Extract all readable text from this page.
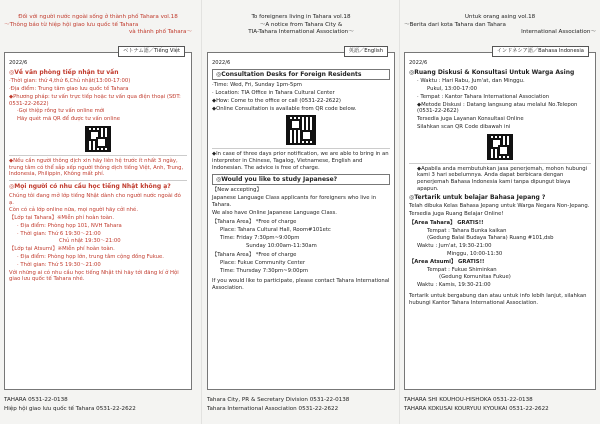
Đối với người nước ngoài sống ở thành phố Tahara vol.18
～Thông báo từ hiệp hội giao lưu quốc tế Tahara
và thành phố Tahara～
ベトナム語／Tiếng Việt
2022/6
◎Về văn phòng tiếp nhận tư vấn

·Thời gian: thứ 4,thứ 6,Chủ nhật(13:00-17:00)

·Địa điểm: Trung tâm giao lưu quốc tế Tahara

◆Phương pháp: tư vấn trực tiếp hoặc tư vấn qua điện thoại (SĐT: 0531-22-2622)

·Gọi thiệp rồng tư vấn online mới

Hãy quét mã QR để được tư vấn online

◆Nếu cần người thông dịch xin hãy liên hệ trước ít nhất 3 ngày, trung tâm có thể sắp xếp người thông dịch tiếng Việt, Anh, Trung, Indonesia, Philippin, Không mất phí.

◎Mọi người có nhu cầu học tiếng Nhật không ạ?

Chúng tôi đang mở lớp tiếng Nhật dành cho người nước ngoài đó ạ.

Còn có cả lớp online nữa, mọi người hãy cởi nhé.

【Lớp tại Tahara】※Miễn phí hoàn toàn.

· Địa điểm: Phòng họp 101, NVH Tahara

· Thời gian: Thứ 6 19:30～21:00

Chủ nhật 19:30～21:00

【Lớp tại Atsumi】※Miễn phí hoàn toàn.

· Địa điểm: Phòng họp lớn, trung tâm cộng đồng Fukue.

· Thời gian: Thứ 5 19:30～21:00

Với những ai có nhu cầu học tiếng Nhật thì hãy tới đăng kí ở Hội giao lưu quốc tế Tahara nhé.

TAHARA 0531-22-0138
Hiệp hội giao lưu quốc tế Tahara 0531-22-2622
To foreigners living in Tahara vol.18
～A notice from Tahara City &
TIA-Tahara International Association～
英語／English
2022/6
◎Consultation Desks for Foreign Residents

·Time: Wed, Fri, Sunday 1pm-5pm

· Location: TIA Office in Tahara Cultural Center

◆How: Come to the office or call (0531-22-2622)

◆Online Consultation is available from QR code below.

◆In case of three days prior notification, we are able to bring in an interpreter in Chinese, Tagalog, Vietnamese, English and Indonesian. The advice is free of charge.

◎Would you like to study Japanese?

【New accepting】

Japanese Language Class applicants for foreigners who live in Tahara.

We also have Online Japanese Language Class.

【Tahara Area】 *Free of charge

Place: Tahara Cultural Hall, Room#101etc

Time: Friday 7:30pm~9:00pm

Sunday 10:00am-11:30am

【Tahara Area】 *Free of charge

Place: Fukue Community Center

Time: Thursday 7:30pm~9:00pm

If you would like to participate, please contact Tahara International Association.

Tahara City, PR & Secretary Division 0531-22-0138
Tahara International Association 0531-22-2622
Untuk orang asing vol.18
～Berita dari kota Tahara dan Tahara
International Association～
インドネシア語／Bahasa Indonesia
2022/6
◎Ruang Diskusi & Konsultasi Untuk Warga Asing

· Waktu : Hari Rabu, Jum'at, dan Minggu.

Pukul, 13:00-17:00

· Tempat : Kantor Tahara International Association

◆Metode Diskusi : Datang langsung atau melalui No.Telepon (0531-22-2622)

Tersedia juga Layanan Konsultasi Online

Silahkan scan QR Code dibawah ini

◆Apabila anda membutuhkan jasa penerjemah, mohon hubungi kami 3 hari sebelumnya. Anda dapat berbicara dengan penerjemah Bahasa Indonesia kami tanpa dipungut biaya apapun.

◎Tertarik untuk belajar Bahasa Jepang ?

Telah dibuka Kelas Bahasa Jepang untuk Warga Negara Non-Jepang.

Tersedia juga Ruang Belajar Online!

【Area Tahara】 GRATIS!!

Tempat : Tahara Bunka kaikan

(Gedung Balai Budaya Tahara) Ruang #101,dsb

Waktu : Jum'at, 19:30-21:00

Minggu, 10:00-11:30

【Area Atsumi】 GRATIS!!

Tempat : Fukue Shiminkan

(Gedung Komunitas Fukue)

Waktu : Kamis, 19:30-21:00

Tertarik untuk bergabung dan atau untuk info lebih lanjut, silahkan hubungi Kantor Tahara International Association.

TAHARA SHI KOUHOU-HISHOKA 0531-22-0138
TAHARA KOKUSAI KOURYUU KYOUKAI 0531-22-2622
